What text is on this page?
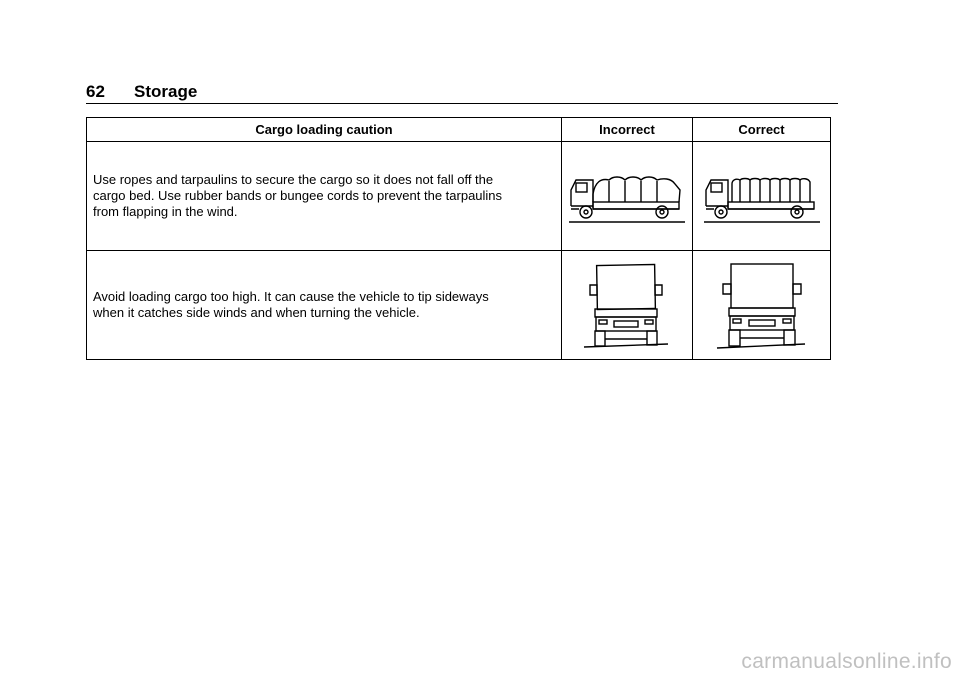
62 Storage
Cargo loading caution	Incorrect	Correct

Use ropes and tarpaulins to secure the cargo so it does not fall off the
cargo bed. Use rubber bands or bungee cords to prevent the tarpaulins
from flapping in the wind.

Avoid loading cargo too high. It can cause the vehicle to tip sideways
when it catches side winds and when turning the vehicle.

carmanualsonline.info
